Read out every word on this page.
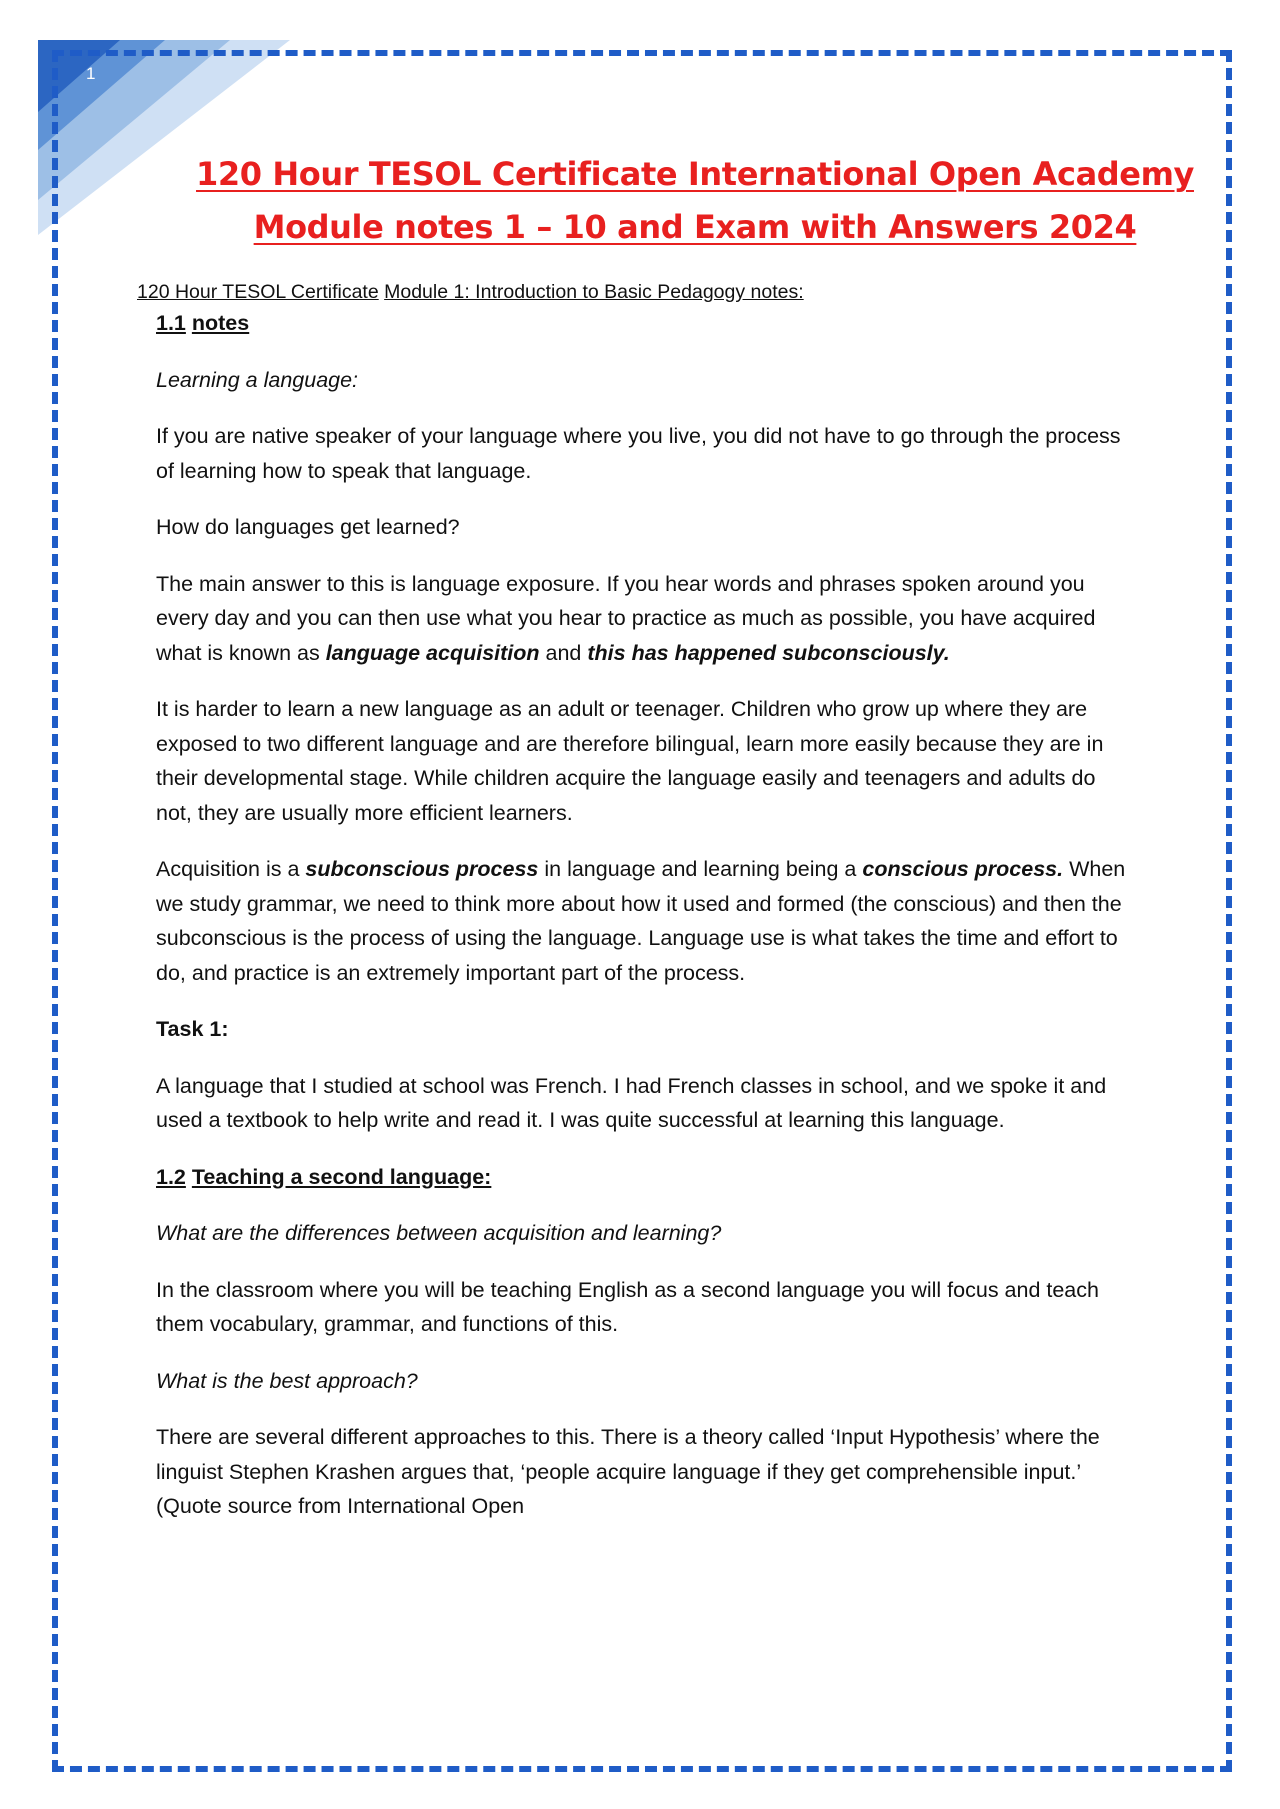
1
120 Hour TESOL Certificate International Open Academy
Module notes 1 – 10 and Exam with Answers 2024
120 Hour TESOL Certificate Module 1: Introduction to Basic Pedagogy notes:

1.1 notes

Learning a language:

If you are native speaker of your language where you live, you did not have to go through the process of learning how to speak that language.

How do languages get learned?

The main answer to this is language exposure. If you hear words and phrases spoken around you every day and you can then use what you hear to practice as much as possible, you have acquired what is known as language acquisition and this has happened subconsciously.

It is harder to learn a new language as an adult or teenager. Children who grow up where they are exposed to two different language and are therefore bilingual, learn more easily because they are in their developmental stage. While children acquire the language easily and teenagers and adults do not, they are usually more efficient learners.

Acquisition is a subconscious process in language and learning being a conscious process. When we study grammar, we need to think more about how it used and formed (the conscious) and then the subconscious is the process of using the language. Language use is what takes the time and effort to do, and practice is an extremely important part of the process.

Task 1:

A language that I studied at school was French. I had French classes in school, and we spoke it and used a textbook to help write and read it. I was quite successful at learning this language.

1.2 Teaching a second language:

What are the differences between acquisition and learning?

In the classroom where you will be teaching English as a second language you will focus and teach them vocabulary, grammar, and functions of this.

What is the best approach?

There are several different approaches to this. There is a theory called ‘Input Hypothesis’ where the linguist Stephen Krashen argues that, ‘people acquire language if they get comprehensible input.’ (Quote source from International Open
